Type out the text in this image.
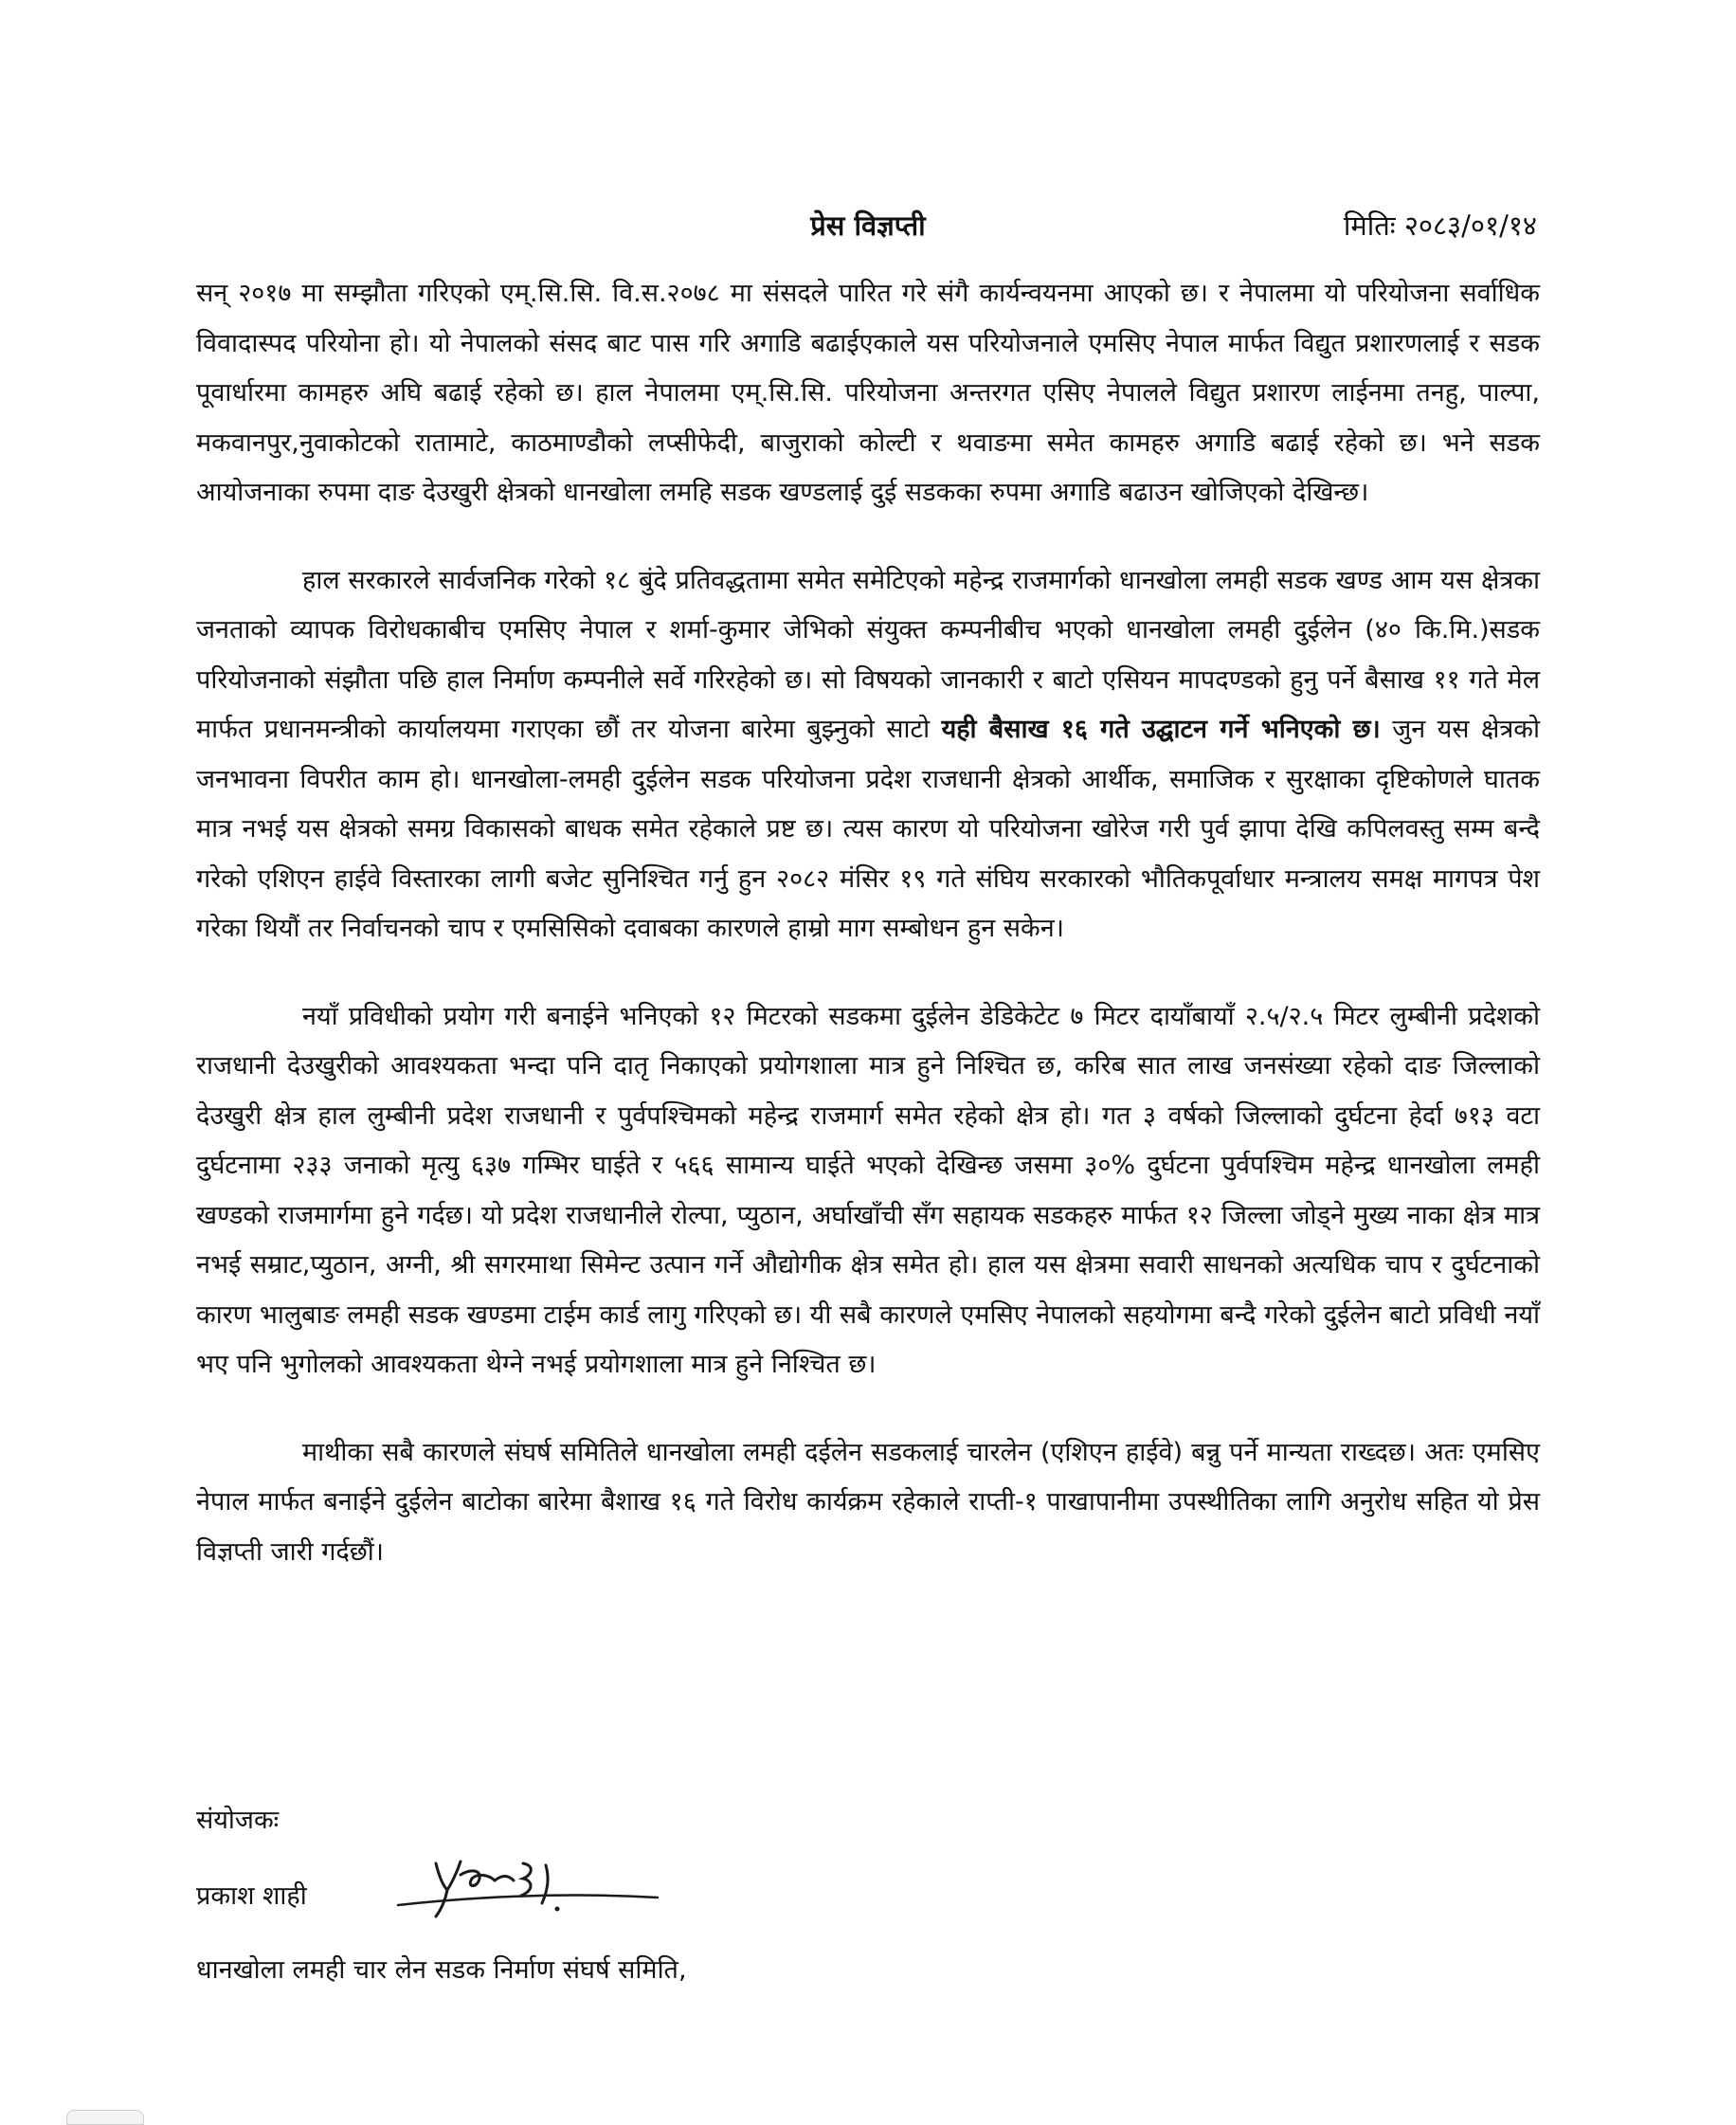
प्रेस विज्ञप्ती	मितिः २०८३/०१/१४

सन् २०१७ मा सम्झौता गरिएको एम्.सि.सि. वि.स.२०७८ मा संसदले पारित गरे संगै कार्यन्वयनमा आएको छ। र नेपालमा यो परियोजना सर्वाधिक विवादास्पद परियोना हो। यो नेपालको संसद बाट पास गरि अगाडि बढाईएकाले यस परियोजनाले एमसिए नेपाल मार्फत विद्युत प्रशारणलाई र सडक पूवार्धारमा कामहरु अघि बढाई रहेको छ। हाल नेपालमा एम्.सि.सि. परियोजना अन्तरगत एसिए नेपालले विद्युत प्रशारण लाईनमा तनहु, पाल्पा, मकवानपुर,नुवाकोटको रातामाटे, काठमाण्डौको लप्सीफेदी, बाजुराको कोल्टी र थवाङमा समेत कामहरु अगाडि बढाई रहेको छ। भने सडक आयोजनाका रुपमा दाङ देउखुरी क्षेत्रको धानखोला लमहि सडक खण्डलाई दुई सडकका रुपमा अगाडि बढाउन खोजिएको देखिन्छ।

हाल सरकारले सार्वजनिक गरेको १८ बुंदे प्रतिवद्धतामा समेत समेटिएको महेन्द्र राजमार्गको धानखोला लमही सडक खण्ड आम यस क्षेत्रका जनताको व्यापक विरोधकाबीच एमसिए नेपाल र शर्मा-कुमार जेभिको संयुक्त कम्पनीबीच भएको धानखोला लमही दुईलेन (४० कि.मि.)सडक परियोजनाको संझौता पछि हाल निर्माण कम्पनीले सर्वे गरिरहेको छ। सो विषयको जानकारी र बाटो एसियन मापदण्डको हुनु पर्ने बैसाख ११ गते मेल मार्फत प्रधानमन्त्रीको कार्यालयमा गराएका छौं तर योजना बारेमा बुझ्नुको साटो यही बैसाख १६ गते उद्घाटन गर्ने भनिएको छ। जुन यस क्षेत्रको जनभावना विपरीत काम हो। धानखोला-लमही दुईलेन सडक परियोजना प्रदेश राजधानी क्षेत्रको आर्थीक, समाजिक र सुरक्षाका दृष्टिकोणले घातक मात्र नभई यस क्षेत्रको समग्र विकासको बाधक समेत रहेकाले प्रष्ट छ। त्यस कारण यो परियोजना खोरेज गरी पुर्व झापा देखि कपिलवस्तु सम्म बन्दै गरेको एशिएन हाईवे विस्तारका लागी बजेट सुनिश्चित गर्नु हुन २०८२ मंसिर १९ गते संघिय सरकारको भौतिकपूर्वाधार मन्त्रालय समक्ष मागपत्र पेश गरेका थियौं तर निर्वाचनको चाप र एमसिसिको दवाबका कारणले हाम्रो माग सम्बोधन हुन सकेन।

नयाँ प्रविधीको प्रयोग गरी बनाईने भनिएको १२ मिटरको सडकमा दुईलेन डेडिकेटेट ७ मिटर दायाँबायाँ २.५/२.५ मिटर लुम्बीनी प्रदेशको राजधानी देउखुरीको आवश्यकता भन्दा पनि दातृ निकाएको प्रयोगशाला मात्र हुने निश्चित छ, करिब सात लाख जनसंख्या रहेको दाङ जिल्लाको देउखुरी क्षेत्र हाल लुम्बीनी प्रदेश राजधानी र पुर्वपश्चिमको महेन्द्र राजमार्ग समेत रहेको क्षेत्र हो। गत ३ वर्षको जिल्लाको दुर्घटना हेर्दा ७१३ वटा दुर्घटनामा २३३ जनाको मृत्यु ६३७ गम्भिर घाईते र ५६६ सामान्य घाईते भएको देखिन्छ जसमा ३०% दुर्घटना पुर्वपश्चिम महेन्द्र धानखोला लमही खण्डको राजमार्गमा हुने गर्दछ। यो प्रदेश राजधानीले रोल्पा, प्युठान, अर्घाखाँची सँग सहायक सडकहरु मार्फत १२ जिल्ला जोड्ने मुख्य नाका क्षेत्र मात्र नभई सम्राट,प्युठान, अग्नी, श्री सगरमाथा सिमेन्ट उत्पान गर्ने औद्योगीक क्षेत्र समेत हो। हाल यस क्षेत्रमा सवारी साधनको अत्यधिक चाप र दुर्घटनाको कारण भालुबाङ लमही सडक खण्डमा टाईम कार्ड लागु गरिएको छ। यी सबै कारणले एमसिए नेपालको सहयोगमा बन्दै गरेको दुईलेन बाटो प्रविधी नयाँ भए पनि भुगोलको आवश्यकता थेग्ने नभई प्रयोगशाला मात्र हुने निश्चित छ।

माथीका सबै कारणले संघर्ष समितिले धानखोला लमही दईलेन सडकलाई चारलेन (एशिएन हाईवे) बन्नु पर्ने मान्यता राख्दछ। अतः एमसिए नेपाल मार्फत बनाईने दुईलेन बाटोका बारेमा बैशाख १६ गते विरोध कार्यक्रम रहेकाले राप्ती-१ पाखापानीमा उपस्थीतिका लागि अनुरोध सहित यो प्रेस विज्ञप्ती जारी गर्दछौं।

संयोजकः

प्रकाश शाही

धानखोला लमही चार लेन सडक निर्माण संघर्ष समिति,
